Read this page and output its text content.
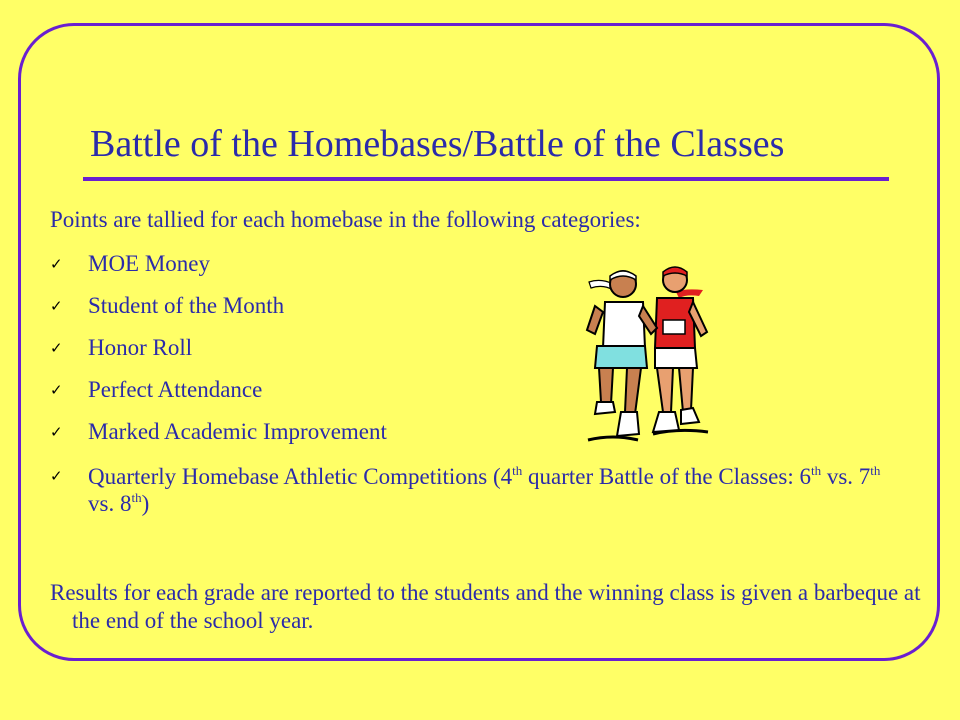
Battle of the Homebases/Battle of the Classes

Points are tallied for each homebase in the following categories:

✓ MOE Money
✓ Student of the Month
✓ Honor Roll
✓ Perfect Attendance
✓ Marked Academic Improvement
✓ Quarterly Homebase Athletic Competitions (4th quarter Battle of the Classes: 6th vs. 7th vs. 8th)

Results for each grade are reported to the students and the winning class is given a barbeque at the end of the school year.
